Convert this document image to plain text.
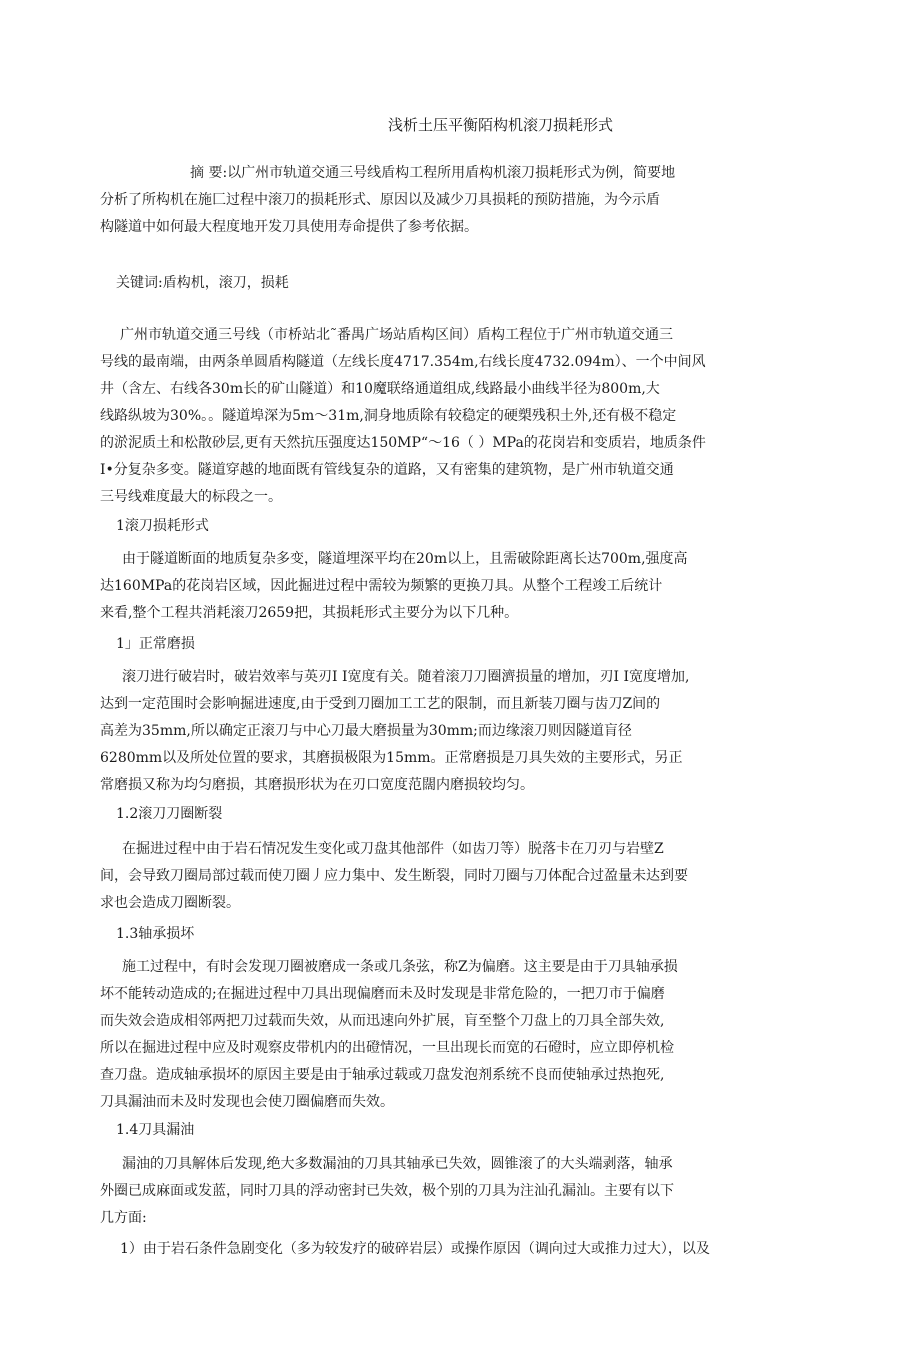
浅析土压平衡陌构机滚刀损耗形式
摘 要:以广州市轨道交通三号线盾构工程所用盾构机滚刀损耗形式为例，简要地
分析了所构机在施匚过程中滚刀的损耗形式、原因以及减少刀具损耗的预防措施，为今示盾
构隧道中如何最大程度地开发刀具使用寿命提供了参考依据。
关键词:盾构机，滚刀，损耗
广州市轨道交通三号线（市桥站北˜番禺广场站盾构区间）盾构工程位于广州市轨道交通三
号线的最南端，由两条单圆盾构隧道（左线长度4717.354m,右线长度4732.094m）、一个中间风
井（含左、右线各30m长的矿山隧道）和10魔联络通道组成,线路最小曲线半径为800m,大
线路纵坡为30%。。隧道埠深为5m～31m,洞身地质除有较稳定的硬槊残积土外,还有极不稳定
的淤泥质土和松散砂层,更有天然抗压强度达150MP“～16（ ）MPa的花岗岩和变质岩，地质条件
I•分复杂多变。隧道穿越的地面既有管线复杂的道路，又有密集的建筑物，是广州市轨道交通
三号线难度最大的标段之一。
1滚刀损耗形式
由于隧道断面的地质复杂多变，隧道埋深平均在20m以上，且需破除距离长达700m,强度高
达160MPa的花岗岩区域，因此掘进过程中需较为频繁的更换刀具。从整个工程竣工后统计
来看,整个工程共消耗滚刀2659把，其损耗形式主要分为以下几种。
1」正常磨损
滚刀进行破岩时，破岩效率与英刃I I宽度有关。随着滚刀刀圈濟损量的增加，刃I I宽度增加,
达到一定范围时会影响掘进速度,由于受到刀圈加工工艺的限制，而且新装刀圈与齿刀Z间的
高差为35mm,所以确定正滚刀与中心刀最大磨损量为30mm;而边缘滚刀则因隧道肓径
6280mm以及所处位置的要求，其磨损极限为15mm。正常磨损是刀具失效的主要形式，另正
常磨损又称为均匀磨损，其磨损形状为在刃口宽度范闊内磨损较均匀。
1.2滚刀刀圈断裂
在掘进过程中由于岩石情况发生变化或刀盘其他部件（如齿刀等）脱落卡在刀刃与岩壁Z
间，会导致刀圈局部过载而使刀圈丿应力集中、发生断裂，同时刀圈与刀体配合过盈量未达到要
求也会造成刀圈断裂。
1.3轴承损坏
施工过程中，有时会发现刀圈被磨成一条或几条弦，称Z为偏磨。这主要是由于刀具轴承损
坏不能转动造成的;在掘进过程中刀具出现偏磨而未及时发现是非常危险的，一把刀市于偏磨
而失效会造成相邻两把刀过载而失效，从而迅速向外扩展，肓至整个刀盘上的刀具全部失效,
所以在掘进过程中应及时观察皮带机内的出磴情况，一旦出现长而宽的石磴时，应立即停机检
查刀盘。造成轴承损坏的原因主要是由于轴承过载或刀盘发泡剂系统不良而使轴承过热抱死,
刀具漏油而未及时发现也会使刀圈偏磨而失效。
1.4刀具漏油
漏油的刀具解体后发现,绝大多数漏油的刀具其轴承已失效，圆锥滚了的大头端剥落，轴承
外圈已成麻面或发蓝，同时刀具的浮动密封已失效，极个别的刀具为注汕孔漏汕。主要有以下
几方面:
1）由于岩石条件急剧变化（多为较发疗的破碎岩层）或操作原因（调向过大或推力过大），以及
